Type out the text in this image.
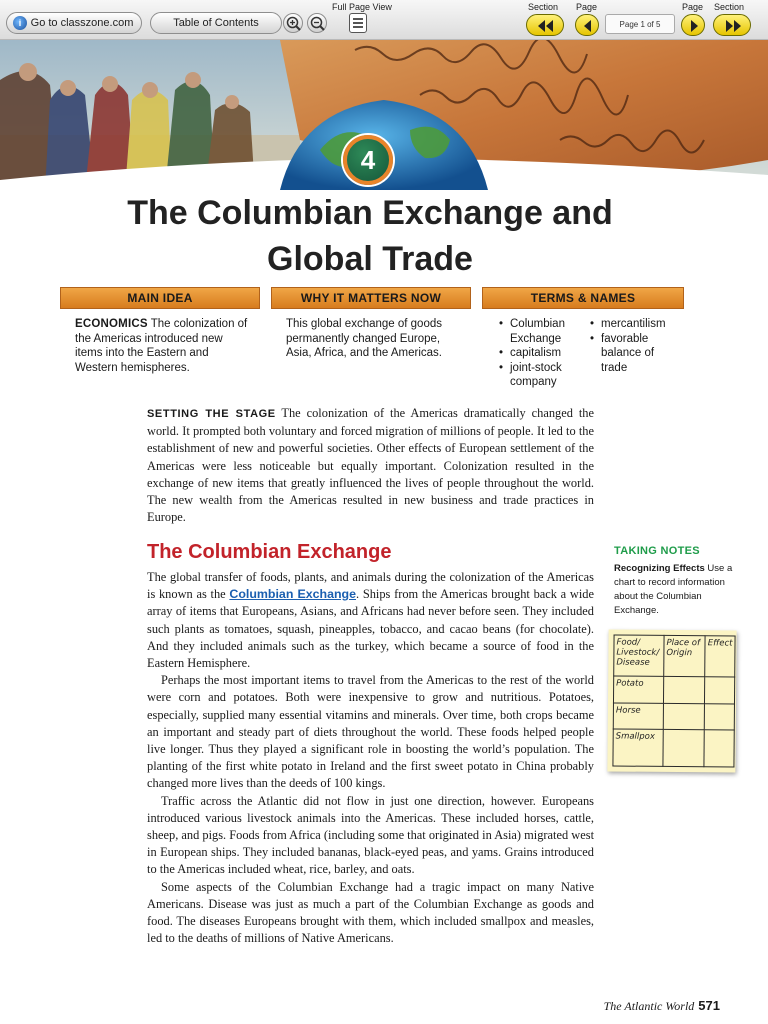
i Go to classzone.com	Table of Contents
Full Page View	Section Page	Page Section
Page 1 of 5
4
The Columbian Exchange and
Global Trade
MAIN IDEA	WHY IT MATTERS NOW	TERMS & NAMES
ECONOMICS The colonization of the Americas introduced new items into the Eastern and Western hemispheres.
This global exchange of goods permanently changed Europe, Asia, Africa, and the Americas.
• Columbian Exchange
• capitalism
• joint-stock company
• mercantilism
• favorable balance of trade
SETTING THE STAGE The colonization of the Americas dramatically changed the world. It prompted both voluntary and forced migration of millions of people. It led to the establishment of new and powerful societies. Other effects of European settlement of the Americas were less noticeable but equally important. Colonization resulted in the exchange of new items that greatly influenced the lives of people throughout the world. The new wealth from the Americas resulted in new business and trade practices in Europe.
The Columbian Exchange

The global transfer of foods, plants, and animals during the colonization of the Americas is known as the Columbian Exchange. Ships from the Americas brought back a wide array of items that Europeans, Asians, and Africans had never before seen. They included such plants as tomatoes, squash, pineapples, tobacco, and cacao beans (for chocolate). And they included animals such as the turkey, which became a source of food in the Eastern Hemisphere.

Perhaps the most important items to travel from the Americas to the rest of the world were corn and potatoes. Both were inexpensive to grow and nutritious. Potatoes, especially, supplied many essential vitamins and minerals. Over time, both crops became an important and steady part of diets throughout the world. These foods helped people live longer. Thus they played a significant role in boosting the world’s population. The planting of the first white potato in Ireland and the first sweet potato in China probably changed more lives than the deeds of 100 kings.

Traffic across the Atlantic did not flow in just one direction, however. Europeans introduced various livestock animals into the Americas. These included horses, cattle, sheep, and pigs. Foods from Africa (including some that originated in Asia) migrated west in European ships. They included bananas, black-eyed peas, and yams. Grains introduced to the Americas included wheat, rice, barley, and oats.

Some aspects of the Columbian Exchange had a tragic impact on many Native Americans. Disease was just as much a part of the Columbian Exchange as goods and food. The diseases Europeans brought with them, which included smallpox and measles, led to the deaths of millions of Native Americans.

TAKING NOTES
Recognizing Effects Use a chart to record information about the Columbian Exchange.
Food/ Livestock/ Disease	Place of Origin	Effect
Potato		
Horse		
Smallpox		
The Atlantic World 571
